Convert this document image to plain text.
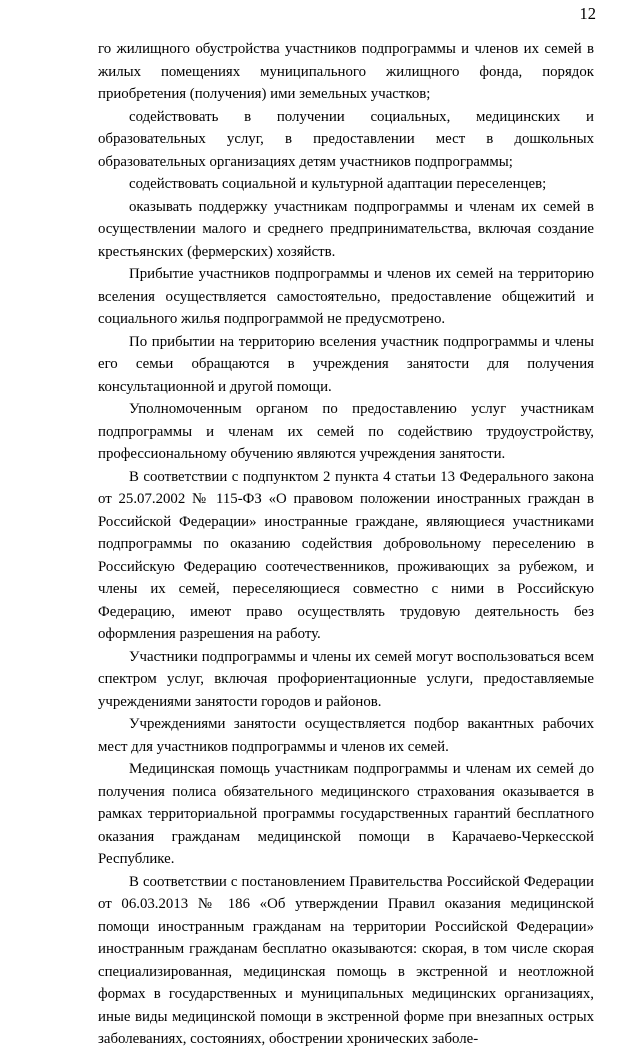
12

го жилищного обустройства участников подпрограммы и членов их семей в жилых помещениях муниципального жилищного фонда, порядок приобретения (получения) ими земельных участков;

содействовать в получении социальных, медицинских и образовательных услуг, в предоставлении мест в дошкольных образовательных организациях детям участников подпрограммы;

содействовать социальной и культурной адаптации переселенцев;

оказывать поддержку участникам подпрограммы и членам их семей в осуществлении малого и среднего предпринимательства, включая создание крестьянских (фермерских) хозяйств.

Прибытие участников подпрограммы и членов их семей на территорию вселения осуществляется самостоятельно, предоставление общежитий и социального жилья подпрограммой не предусмотрено.

По прибытии на территорию вселения участник подпрограммы и члены его семьи обращаются в учреждения занятости для получения консультационной и другой помощи.

Уполномоченным органом по предоставлению услуг участникам подпрограммы и членам их семей по содействию трудоустройству, профессиональному обучению являются учреждения занятости.

В соответствии с подпунктом 2 пункта 4 статьи 13 Федерального закона от 25.07.2002 № 115-ФЗ «О правовом положении иностранных граждан в Российской Федерации» иностранные граждане, являющиеся участниками подпрограммы по оказанию содействия добровольному переселению в Российскую Федерацию соотечественников, проживающих за рубежом, и члены их семей, переселяющиеся совместно с ними в Российскую Федерацию, имеют право осуществлять трудовую деятельность без оформления разрешения на работу.

Участники подпрограммы и члены их семей могут воспользоваться всем спектром услуг, включая профориентационные услуги, предоставляемые учреждениями занятости городов и районов.

Учреждениями занятости осуществляется подбор вакантных рабочих мест для участников подпрограммы и членов их семей.

Медицинская помощь участникам подпрограммы и членам их семей до получения полиса обязательного медицинского страхования оказывается в рамках территориальной программы государственных гарантий бесплатного оказания гражданам медицинской помощи в Карачаево-Черкесской Республике.

В соответствии с постановлением Правительства Российской Федерации от 06.03.2013 № 186 «Об утверждении Правил оказания медицинской помощи иностранным гражданам на территории Российской Федерации» иностранным гражданам бесплатно оказываются: скорая, в том числе скорая специализированная, медицинская помощь в экстренной и неотложной формах в государственных и муниципальных медицинских организациях, иные виды медицинской помощи в экстренной форме при внезапных острых заболеваниях, состояниях, обострении хронических заболе-
